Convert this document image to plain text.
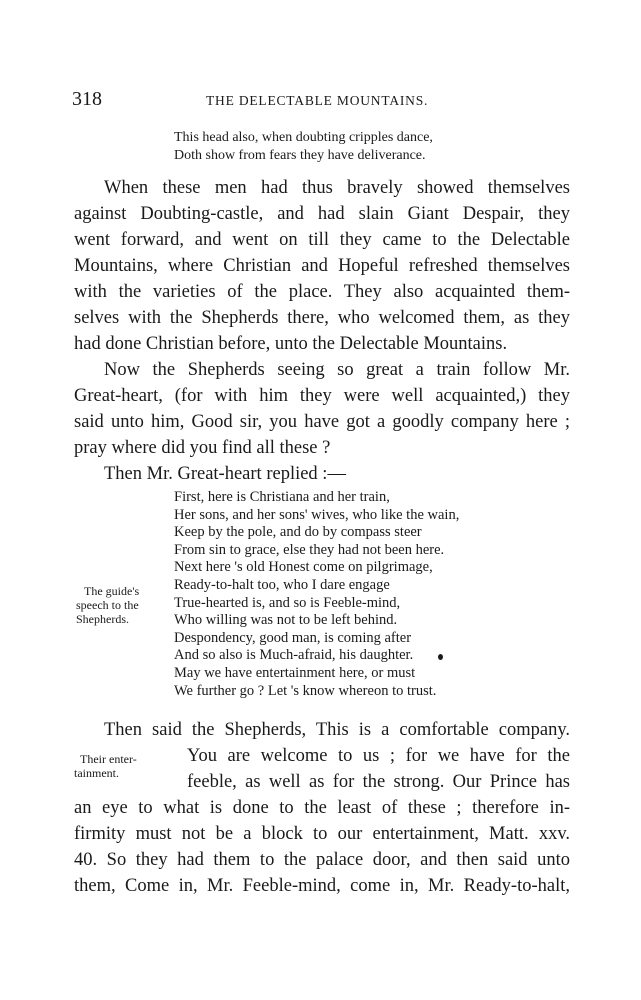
318	THE DELECTABLE MOUNTAINS.
This head also, when doubting cripples dance,
Doth show from fears they have deliverance.
When these men had thus bravely showed themselves
against Doubting-castle, and had slain Giant Despair, they
went forward, and went on till they came to the Delectable
Mountains, where Christian and Hopeful refreshed themselves
with the varieties of the place. They also acquainted them-
selves with the Shepherds there, who welcomed them, as they
had done Christian before, unto the Delectable Mountains.
Now the Shepherds seeing so great a train follow Mr.
Great-heart, (for with him they were well acquainted,) they
said unto him, Good sir, you have got a goodly company here ;
pray where did you find all these ?
Then Mr. Great-heart replied :—
The guide's
speech to the
Shepherds.
First, here is Christiana and her train,
Her sons, and her sons' wives, who like the wain,
Keep by the pole, and do by compass steer
From sin to grace, else they had not been here.
Next here 's old Honest come on pilgrimage,
Ready-to-halt too, who I dare engage
True-hearted is, and so is Feeble-mind,
Who willing was not to be left behind.
Despondency, good man, is coming after
And so also is Much-afraid, his daughter.
May we have entertainment here, or must
We further go ? Let 's know whereon to trust.
Then said the Shepherds, This is a comfortable company.
You are welcome to us ; for we have for the
feeble, as well as for the strong. Our Prince has
an eye to what is done to the least of these ; therefore in-
firmity must not be a block to our entertainment, Matt. xxv.
40. So they had them to the palace door, and then said unto
them, Come in, Mr. Feeble-mind, come in, Mr. Ready-to-halt,
Their enter-
tainment.
